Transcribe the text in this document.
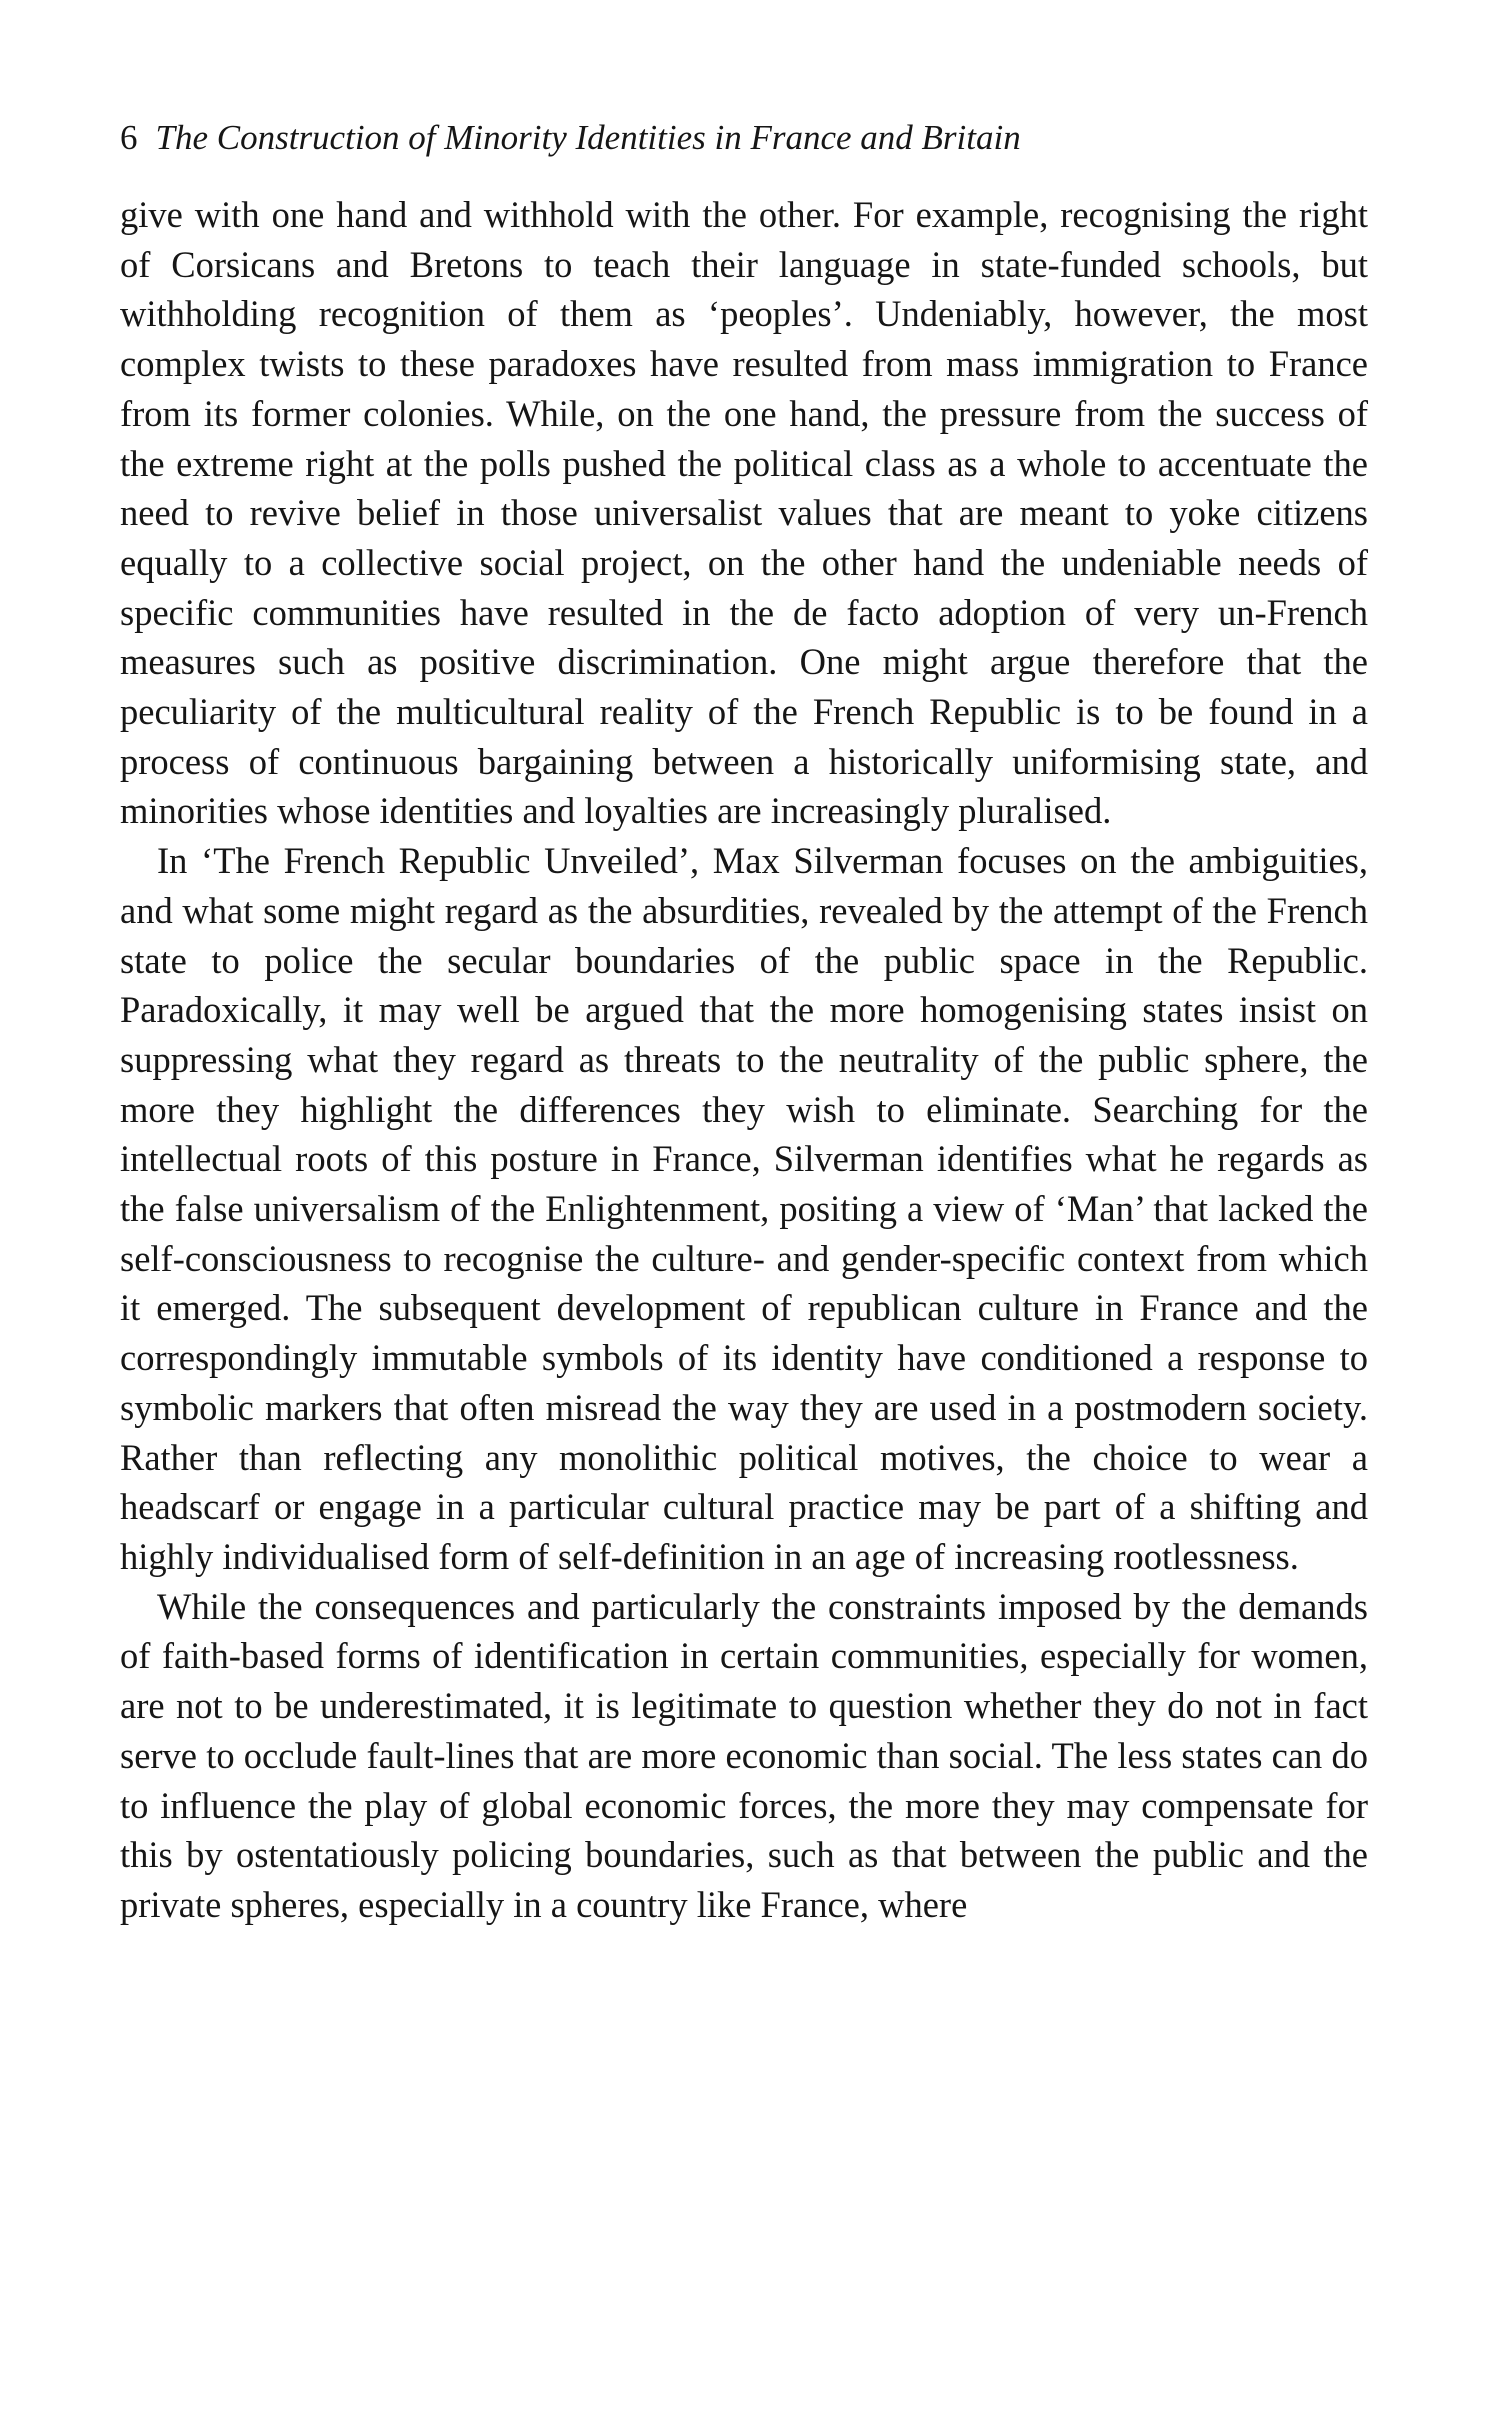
6 The Construction of Minority Identities in France and Britain

give with one hand and withhold with the other. For example, recognising the right of Corsicans and Bretons to teach their language in state-funded schools, but withholding recognition of them as ‘peoples’. Undeniably, however, the most complex twists to these paradoxes have resulted from mass immigration to France from its former colonies. While, on the one hand, the pressure from the success of the extreme right at the polls pushed the political class as a whole to accentuate the need to revive belief in those universalist values that are meant to yoke citizens equally to a collective social project, on the other hand the undeniable needs of specific communities have resulted in the de facto adoption of very un-French measures such as positive discrimination. One might argue therefore that the peculiarity of the multicultural reality of the French Republic is to be found in a process of continuous bargaining between a historically uniformising state, and minorities whose identities and loyalties are increasingly pluralised.

In ‘The French Republic Unveiled’, Max Silverman focuses on the ambiguities, and what some might regard as the absurdities, revealed by the attempt of the French state to police the secular boundaries of the public space in the Republic. Paradoxically, it may well be argued that the more homogenising states insist on suppressing what they regard as threats to the neutrality of the public sphere, the more they highlight the differences they wish to eliminate. Searching for the intellectual roots of this posture in France, Silverman identifies what he regards as the false universalism of the Enlightenment, positing a view of ‘Man’ that lacked the self-consciousness to recognise the culture- and gender-specific context from which it emerged. The subsequent development of republican culture in France and the correspondingly immutable symbols of its identity have conditioned a response to symbolic markers that often misread the way they are used in a postmodern society. Rather than reflecting any monolithic political motives, the choice to wear a headscarf or engage in a particular cultural practice may be part of a shifting and highly individualised form of self-definition in an age of increasing rootlessness.

While the consequences and particularly the constraints imposed by the demands of faith-based forms of identification in certain communities, especially for women, are not to be underestimated, it is legitimate to question whether they do not in fact serve to occlude fault-lines that are more economic than social. The less states can do to influence the play of global economic forces, the more they may compensate for this by ostentatiously policing boundaries, such as that between the public and the private spheres, especially in a country like France, where
